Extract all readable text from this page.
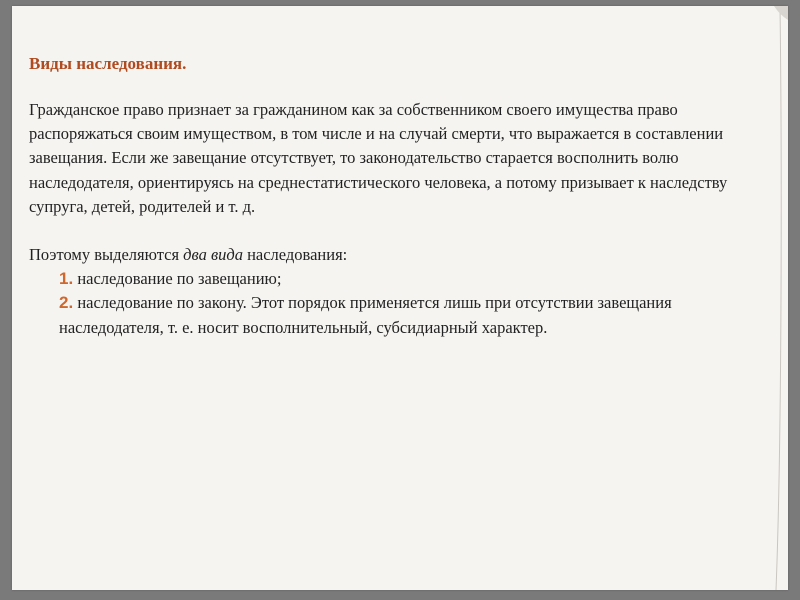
Виды наследования.

Гражданское право признает за гражданином как за собственником своего имущества право распоряжаться своим имуществом, в том числе и на случай смерти, что выражается в составлении завещания. Если же завещание отсутствует, то законодательство старается восполнить волю наследодателя, ориентируясь на среднестатистического человека, а потому призывает к наследству супруга, детей, родителей и т. д.

Поэтому выделяются два вида наследования:

1. наследование по завещанию;
2. наследование по закону. Этот порядок применяется лишь при отсутствии завещания наследодателя, т. е. носит восполнительный, субсидиарный характер.
